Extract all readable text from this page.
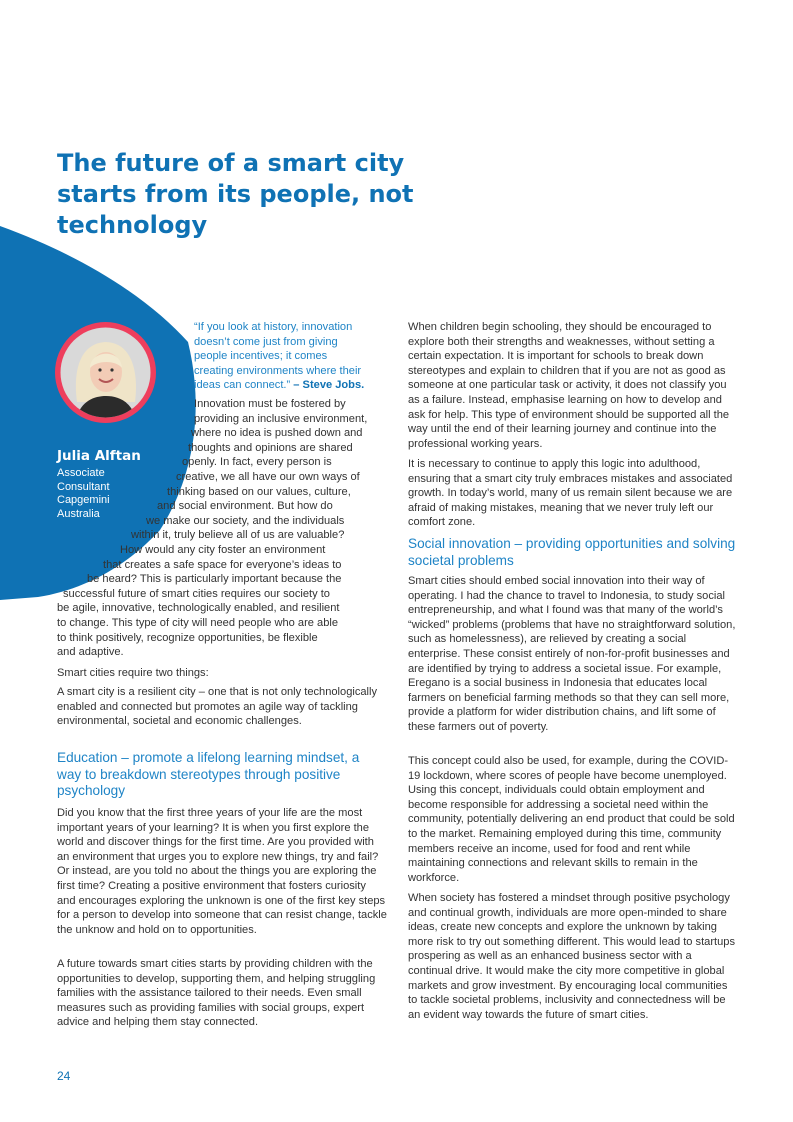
The future of a smart city starts from its people, not technology
Julia Alftan
Associate
Consultant
Capgemini
Australia
“If you look at history, innovation
doesn’t come just from giving
people incentives; it comes
creating environments where their
ideas can connect.” – Steve Jobs.
Innovation must be fostered by
providing an inclusive environment,
where no idea is pushed down and
thoughts and opinions are shared
openly. In fact, every person is
creative, we all have our own ways of
thinking based on our values, culture,
and social environment. But how do
we make our society, and the individuals
within it, truly believe all of us are valuable?
How would any city foster an environment
that creates a safe space for everyone’s ideas to
be heard? This is particularly important because the
successful future of smart cities requires our society to
be agile, innovative, technologically enabled, and resilient
to change. This type of city will need people who are able
to think positively, recognize opportunities, be flexible
and adaptive.

Smart cities require two things:

A smart city is a resilient city – one that is not only technologically enabled and connected but promotes an agile way of tackling environmental, societal and economic challenges.

Education – promote a lifelong learning mindset, a way to breakdown stereotypes through positive psychology

Did you know that the first three years of your life are the most important years of your learning? It is when you first explore the world and discover things for the first time. Are you provided with an environment that urges you to explore new things, try and fail? Or instead, are you told no about the things you are exploring the first time? Creating a positive environment that fosters curiosity and encourages exploring the unknown is one of the first key steps for a person to develop into someone that can resist change, tackle the unknow and hold on to opportunities.

A future towards smart cities starts by providing children with the opportunities to develop, supporting them, and helping struggling families with the assistance tailored to their needs. Even small measures such as providing families with social groups, expert advice and helping them stay connected.

When children begin schooling, they should be encouraged to explore both their strengths and weaknesses, without setting a certain expectation. It is important for schools to break down stereotypes and explain to children that if you are not as good as someone at one particular task or activity, it does not classify you as a failure. Instead, emphasise learning on how to develop and ask for help. This type of environment should be supported all the way until the end of their learning journey and continue into the professional working years.

It is necessary to continue to apply this logic into adulthood, ensuring that a smart city truly embraces mistakes and associated growth. In today’s world, many of us remain silent because we are afraid of making mistakes, meaning that we never truly left our comfort zone.

Social innovation – providing opportunities and solving societal problems

Smart cities should embed social innovation into their way of operating. I had the chance to travel to Indonesia, to study social entrepreneurship, and what I found was that many of the world’s “wicked” problems (problems that have no straightforward solution, such as homelessness), are relieved by creating a social enterprise. These consist entirely of non-for-profit businesses and are identified by trying to address a societal issue. For example, Eregano is a social business in Indonesia that educates local farmers on beneficial farming methods so that they can sell more, provide a platform for wider distribution chains, and lift some of these farmers out of poverty.

This concept could also be used, for example, during the COVID-19 lockdown, where scores of people have become unemployed. Using this concept, individuals could obtain employment and become responsible for addressing a societal need within the community, potentially delivering an end product that could be sold to the market. Remaining employed during this time, community members receive an income, used for food and rent while maintaining connections and relevant skills to remain in the workforce.

When society has fostered a mindset through positive psychology and continual growth, individuals are more open-minded to share ideas, create new concepts and explore the unknown by taking more risk to try out something different. This would lead to startups prospering as well as an enhanced business sector with a continual drive. It would make the city more competitive in global markets and grow investment. By encouraging local communities to tackle societal problems, inclusivity and connectedness will be an evident way towards the future of smart cities.

24
